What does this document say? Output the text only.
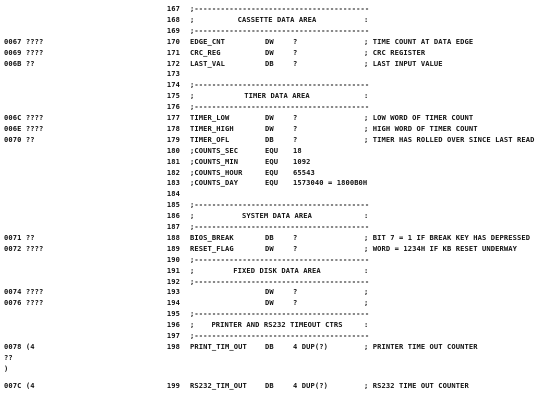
167 ;----------------------------------------
168 ;	CASSETTE DATA AREA	:
169 ;----------------------------------------
0067 ????	170 EDGE_CNT	DW	?	; TIME COUNT AT DATA EDGE
0069 ????	171 CRC_REG	DW	?	; CRC REGISTER
006B ??	172 LAST_VAL	DB	?	; LAST INPUT VALUE
173
174 ;----------------------------------------
175 ;	TIMER DATA AREA	:
176 ;----------------------------------------
006C ????	177 TIMER_LOW	DW	?	; LOW WORD OF TIMER COUNT
006E ????	178 TIMER_HIGH	DW	?	; HIGH WORD OF TIMER COUNT
0070 ??	179 TIMER_OFL	DB	?	; TIMER HAS ROLLED OVER SINCE LAST READ
180 ;COUNTS_SEC	EQU 18
181 ;COUNTS_MIN	EQU 1092
182 ;COUNTS_HOUR	EQU 65543
183 ;COUNTS_DAY	EQU 1573040 = 1800B0H
184
185 ;----------------------------------------
186 ;	SYSTEM DATA AREA	:
187 ;----------------------------------------
0071 ??	188 BIOS_BREAK	DB	?	; BIT 7 = 1 IF BREAK KEY HAS DEPRESSED
0072 ????	189 RESET_FLAG	DW	?	; WORD = 1234H IF KB RESET UNDERWAY
190 ;----------------------------------------
191 ;	FIXED DISK DATA AREA	:
192 ;----------------------------------------
0074 ????	193	DW	?	;
0076 ????	194	DW	?	;
195 ;----------------------------------------
196 ;	PRINTER AND RS232 TIMEOUT CTRS	:
197 ;----------------------------------------
0078 (4	198 PRINT_TIM_OUT	DB	4 DUP(?)	; PRINTER TIME OUT COUNTER
??
)
007C (4	199 RS232_TIM_OUT	DB	4 DUP(?)	; RS232 TIME OUT COUNTER
